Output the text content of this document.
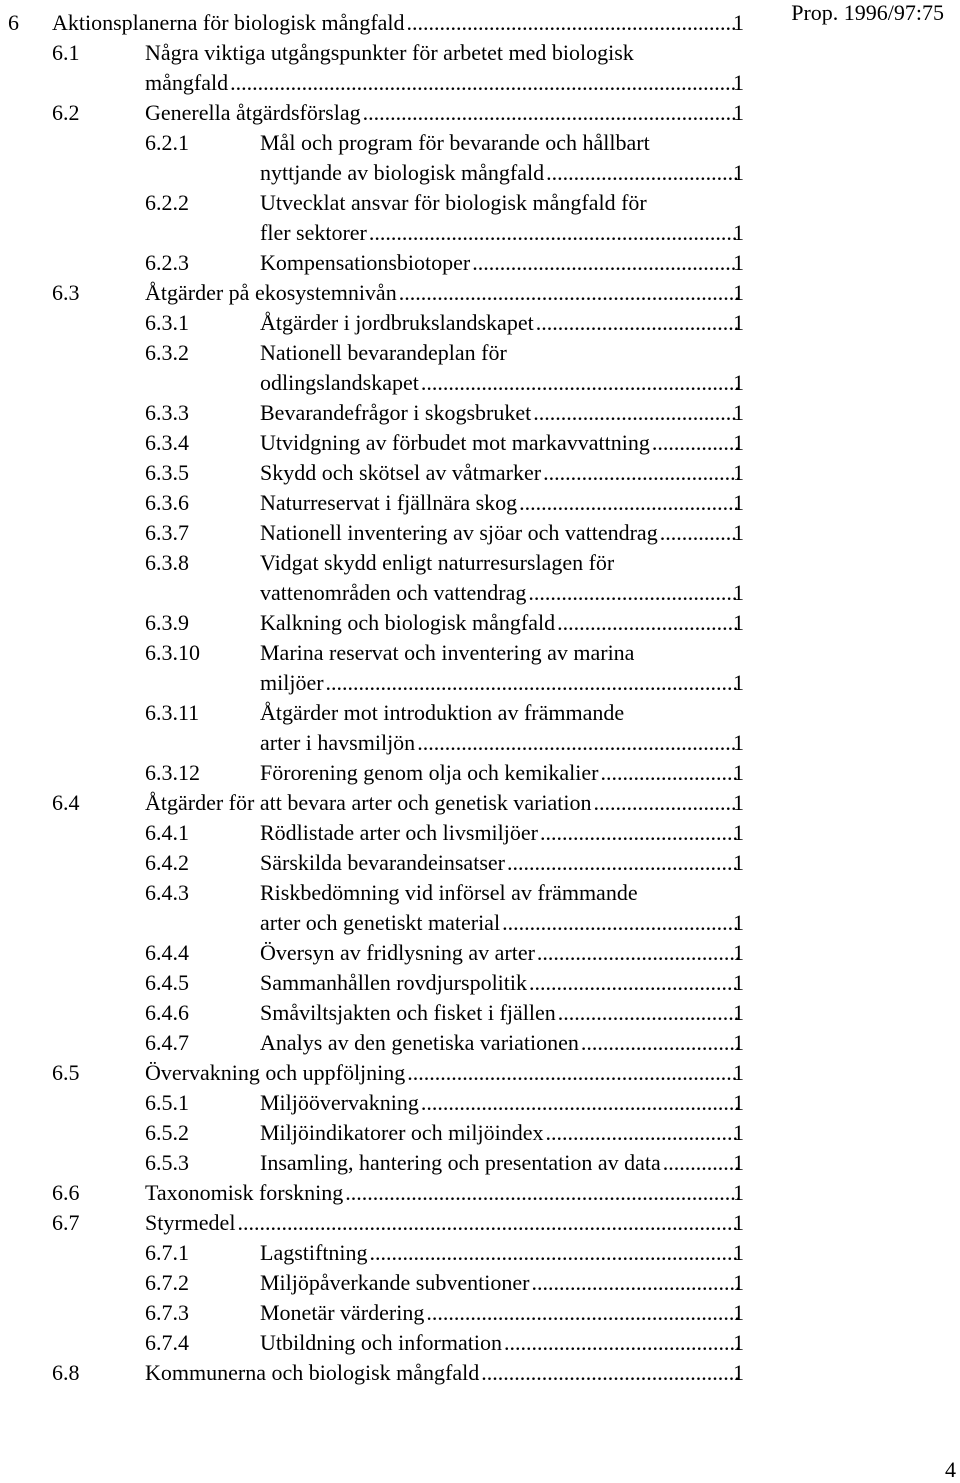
Prop. 1996/97:75
6 Aktionsplanerna för biologisk mångfald .....	1
6.1	Några viktiga utgångspunkter för arbetet med biologisk
mångfald .....	1
6.2	Generella åtgärdsförslag .....	1
6.2.1	Mål och program för bevarande och hållbart
nyttjande av biologisk mångfald .....	1
6.2.2	Utvecklat ansvar för biologisk mångfald för
fler sektorer .....	1
6.2.3	Kompensationsbiotoper .....	1
6.3	Åtgärder på ekosystemnivån .....	1
6.3.1	Åtgärder i jordbrukslandskapet .....	1
6.3.2	Nationell bevarandeplan för
odlingslandskapet .....	1
6.3.3	Bevarandefrågor i skogsbruket .....	1
6.3.4	Utvidgning av förbudet mot markavvattning .....	1
6.3.5	Skydd och skötsel av våtmarker .....	1
6.3.6	Naturreservat i fjällnära skog .....	1
6.3.7	Nationell inventering av sjöar och vattendrag .....	1
6.3.8	Vidgat skydd enligt naturresurslagen för
vattenområden och vattendrag .....	1
6.3.9	Kalkning och biologisk mångfald .....	1
6.3.10	Marina reservat och inventering av marina
miljöer .....	1
6.3.11	Åtgärder mot introduktion av främmande
arter i havsmiljön .....	1
6.3.12	Förorening genom olja och kemikalier .....	1
6.4	Åtgärder för att bevara arter och genetisk variation .....	1
6.4.1	Rödlistade arter och livsmiljöer .....	1
6.4.2	Särskilda bevarandeinsatser .....	1
6.4.3	Riskbedömning vid införsel av främmande
arter och genetiskt material .....	1
6.4.4	Översyn av fridlysning av arter .....	1
6.4.5	Sammanhållen rovdjurspolitik .....	1
6.4.6	Småviltsjakten och fisket i fjällen .....	1
6.4.7	Analys av den genetiska variationen .....	1
6.5	Övervakning och uppföljning .....	1
6.5.1	Miljöövervakning .....	1
6.5.2	Miljöindikatorer och miljöindex .....	1
6.5.3	Insamling, hantering och presentation av data .....	1
6.6	Taxonomisk forskning .....	1
6.7	Styrmedel .....	1
6.7.1	Lagstiftning .....	1
6.7.2	Miljöpåverkande subventioner .....	1
6.7.3	Monetär värdering .....	1
6.7.4	Utbildning och information .....	1
6.8	Kommunerna och biologisk mångfald .....	1
4
